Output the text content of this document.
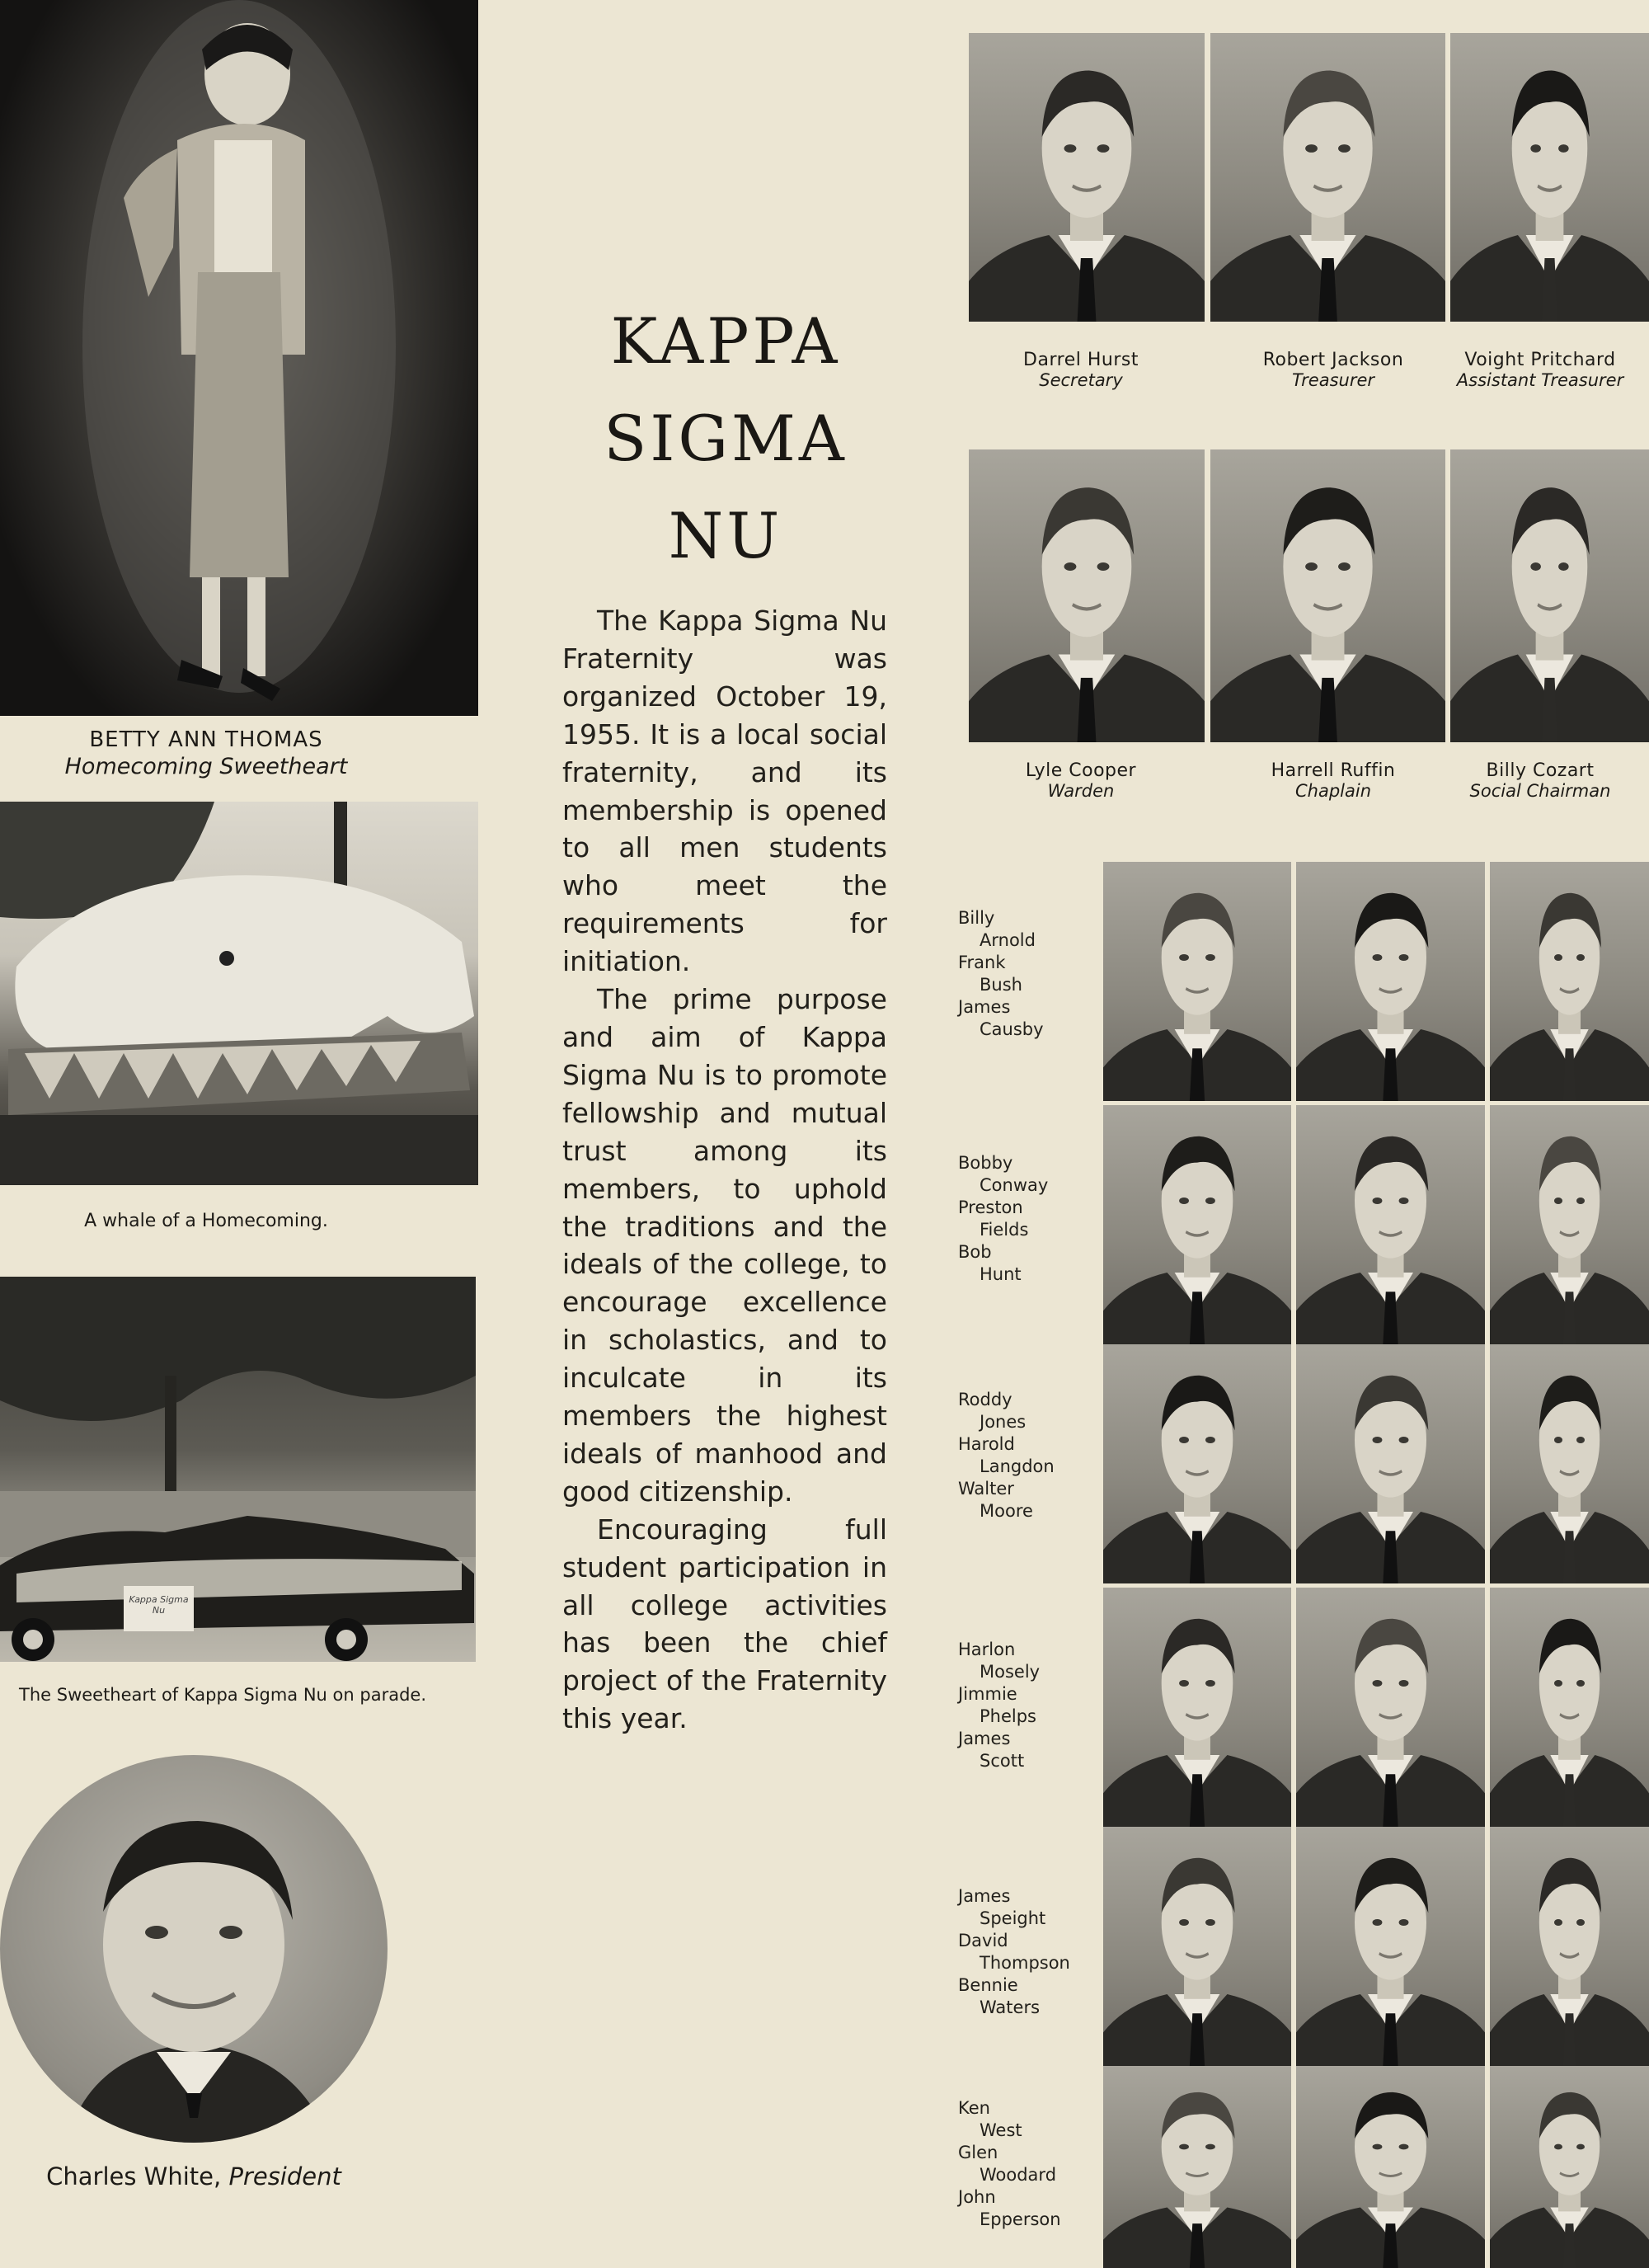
BETTY ANN THOMAS
Homecoming Sweetheart
A whale of a Homecoming.
Kappa Sigma Nu
The Sweetheart of Kappa Sigma Nu on parade.
Charles White, President
KAPPA
SIGMA
NU

The Kappa Sigma Nu Fraternity was organized October 19, 1955. It is a local social fraternity, and its membership is opened to all men students who meet the requirements for initiation.

The prime purpose and aim of Kappa Sigma Nu is to promote fellowship and mutual trust among its members, to uphold the traditions and the ideals of the college, to encourage excellence in scholastics, and to inculcate in its members the highest ideals of manhood and good citizenship.

Encouraging full student participation in all college activities has been the chief project of the Fraternity this year.

Darrel Hurst
Secretary
Robert Jackson
Treasurer
Voight Pritchard
Assistant Treasurer
Lyle Cooper
Warden
Harrell Ruffin
Chaplain
Billy Cozart
Social Chairman
Billy
Arnold
Frank
Bush
James
Causby
Bobby
Conway
Preston
Fields
Bob
Hunt
Roddy
Jones
Harold
Langdon
Walter
Moore
Harlon
Mosely
Jimmie
Phelps
James
Scott
James
Speight
David
Thompson
Bennie
Waters
Ken
West
Glen
Woodard
John
Epperson
